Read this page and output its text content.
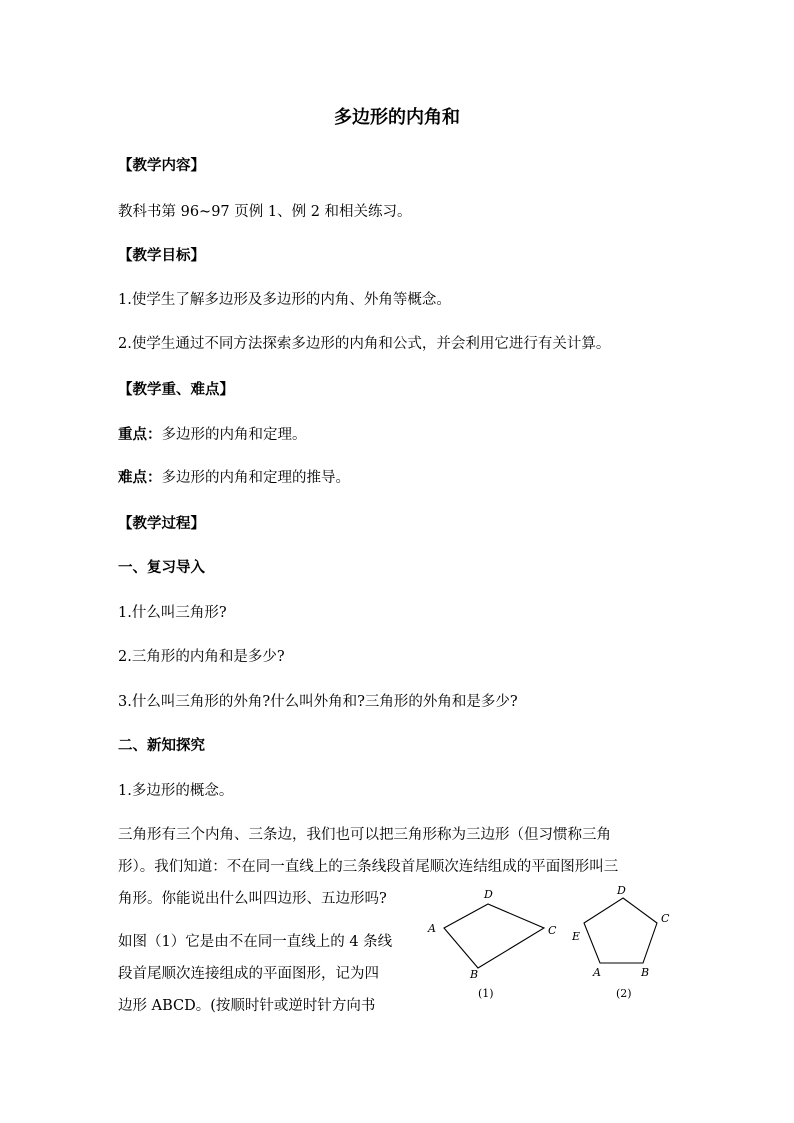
多边形的内角和
【教学内容】
教科书第 96~97 页例 1、例 2 和相关练习。
【教学目标】
1.使学生了解多边形及多边形的内角、外角等概念。
2.使学生通过不同方法探索多边形的内角和公式，并会利用它进行有关计算。
【教学重、难点】
重点：多边形的内角和定理。
难点：多边形的内角和定理的推导。
【教学过程】
一、复习导入
1.什么叫三角形?
2.三角形的内角和是多少?
3.什么叫三角形的外角?什么叫外角和?三角形的外角和是多少?
二、新知探究
1.多边形的概念。
三角形有三个内角、三条边，我们也可以把三角形称为三边形（但习惯称三角
形）。我们知道：不在同一直线上的三条线段首尾顺次连结组成的平面图形叫三
角形。你能说出什么叫四边形、五边形吗?
如图（1）它是由不在同一直线上的 4 条线
段首尾顺次连接组成的平面图形，记为四
边形 ABCD。(按顺时针或逆时针方向书
D
A	C
B
(1)
D
C
E
A	B
(2)
